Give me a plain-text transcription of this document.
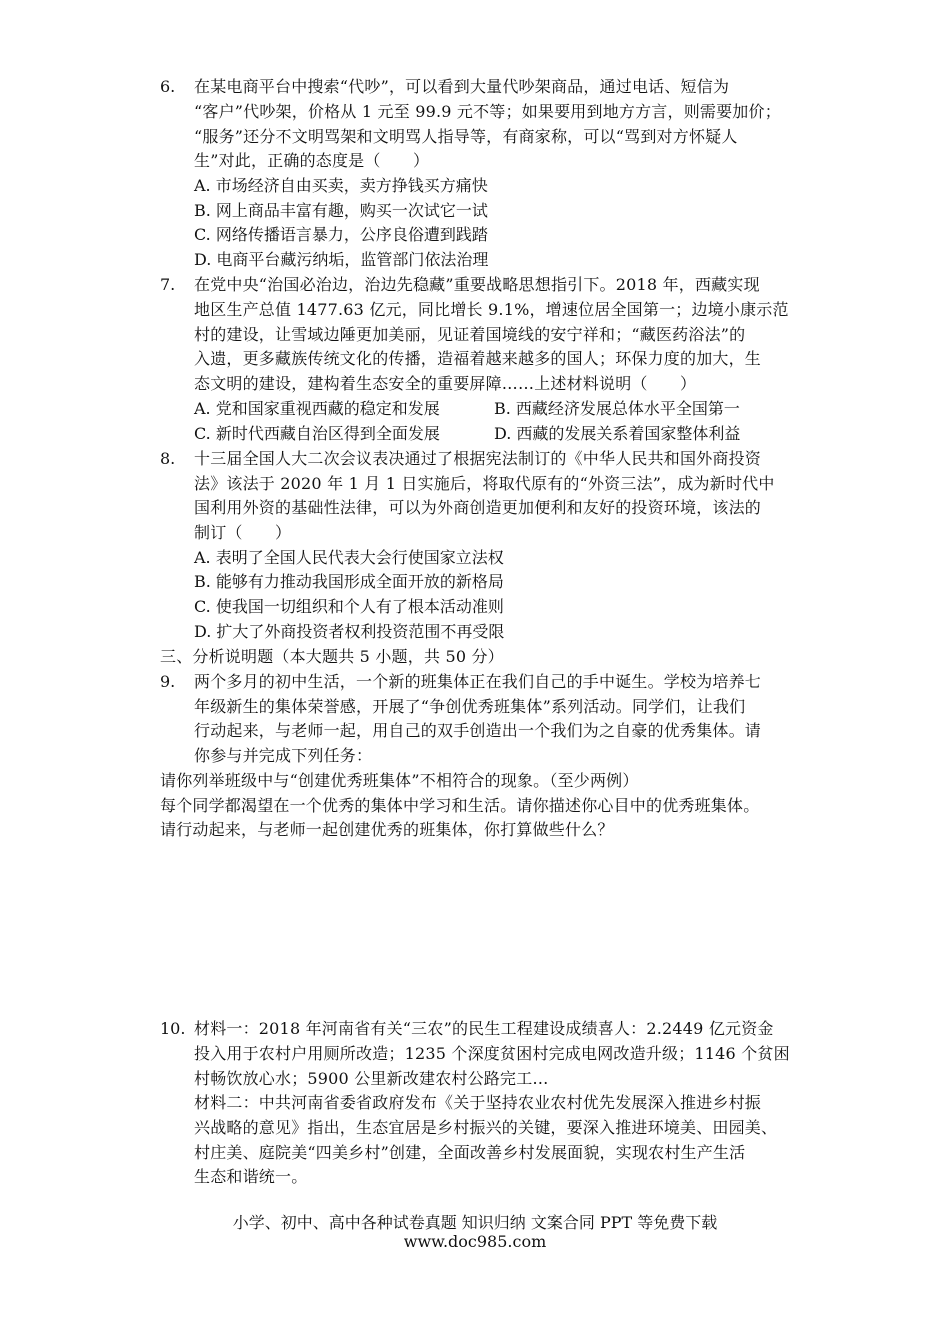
6. 在某电商平台中搜索“代吵”，可以看到大量代吵架商品，通过电话、短信为
“客户”代吵架，价格从 1 元至 99.9 元不等；如果要用到地方方言，则需要加价；
“服务”还分不文明骂架和文明骂人指导等，有商家称，可以“骂到对方怀疑人
生”对此，正确的态度是（　　）
A. 市场经济自由买卖，卖方挣钱买方痛快
B. 网上商品丰富有趣，购买一次试它一试
C. 网络传播语言暴力，公序良俗遭到践踏
D. 电商平台藏污纳垢，监管部门依法治理
7. 在党中央“治国必治边，治边先稳藏”重要战略思想指引下。2018 年，西藏实现
地区生产总值 1477.63 亿元，同比增长 9.1%，增速位居全国第一；边境小康示范
村的建设，让雪域边陲更加美丽，见证着国境线的安宁祥和；“藏医药浴法”的
入遗，更多藏族传统文化的传播，造福着越来越多的国人；环保力度的加大，生
态文明的建设，建构着生态安全的重要屏障……上述材料说明（　　）
A. 党和国家重视西藏的稳定和发展	B. 西藏经济发展总体水平全国第一
C. 新时代西藏自治区得到全面发展	D. 西藏的发展关系着国家整体利益
8. 十三届全国人大二次会议表决通过了根据宪法制订的《中华人民共和国外商投资
法》该法于 2020 年 1 月 1 日实施后，将取代原有的“外资三法”，成为新时代中
国利用外资的基础性法律，可以为外商创造更加便利和友好的投资环境，该法的
制订（　　）
A. 表明了全国人民代表大会行使国家立法权
B. 能够有力推动我国形成全面开放的新格局
C. 使我国一切组织和个人有了根本活动准则
D. 扩大了外商投资者权利投资范围不再受限
三、分析说明题（本大题共 5 小题，共 50 分）
9. 两个多月的初中生活，一个新的班集体正在我们自己的手中诞生。学校为培养七
年级新生的集体荣誉感，开展了“争创优秀班集体”系列活动。同学们，让我们
行动起来，与老师一起，用自己的双手创造出一个我们为之自豪的优秀集体。请
你参与并完成下列任务：
请你列举班级中与“创建优秀班集体”不相符合的现象。（至少两例）
每个同学都渴望在一个优秀的集体中学习和生活。请你描述你心目中的优秀班集体。
请行动起来，与老师一起创建优秀的班集体，你打算做些什么？
10. 材料一：2018 年河南省有关“三农”的民生工程建设成绩喜人：2.2449 亿元资金
投入用于农村户用厕所改造；1235 个深度贫困村完成电网改造升级；1146 个贫困
村畅饮放心水；5900 公里新改建农村公路完工…
材料二：中共河南省委省政府发布《关于坚持农业农村优先发展深入推进乡村振
兴战略的意见》指出，生态宜居是乡村振兴的关键，要深入推进环境美、田园美、
村庄美、庭院美“四美乡村”创建，全面改善乡村发展面貌，实现农村生产生活
生态和谐统一。
小学、初中、高中各种试卷真题 知识归纳 文案合同 PPT 等免费下载
www.doc985.com
